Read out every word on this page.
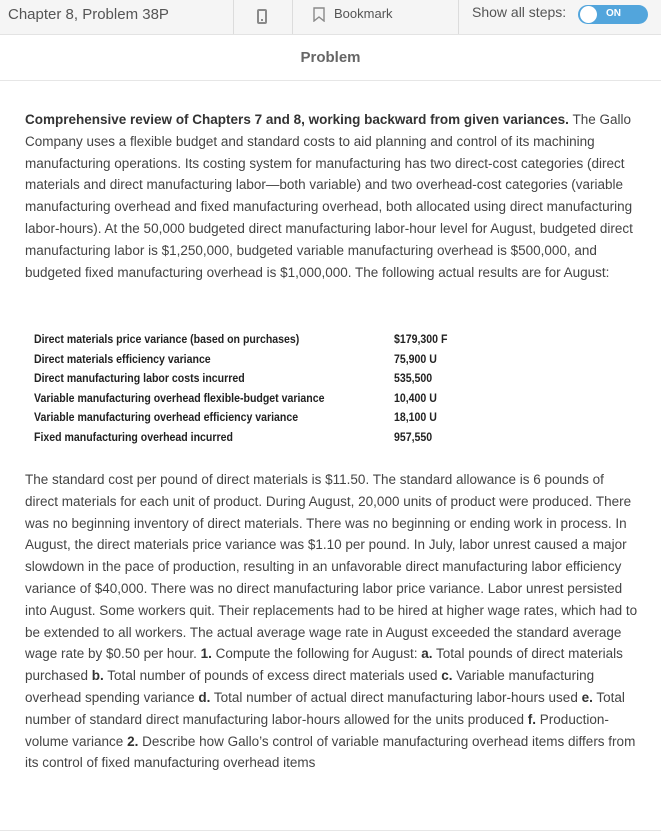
Chapter 8, Problem 38P	Bookmark	Show all steps:	ON
Problem
Comprehensive review of Chapters 7 and 8, working backward from given variances. The Gallo Company uses a flexible budget and standard costs to aid planning and control of its machining manufacturing operations. Its costing system for manufacturing has two direct-cost categories (direct materials and direct manufacturing labor—both variable) and two overhead-cost categories (variable manufacturing overhead and fixed manufacturing overhead, both allocated using direct manufacturing labor-hours). At the 50,000 budgeted direct manufacturing labor-hour level for August, budgeted direct manufacturing labor is $1,250,000, budgeted variable manufacturing overhead is $500,000, and budgeted fixed manufacturing overhead is $1,000,000. The following actual results are for August:
Direct materials price variance (based on purchases)	$179,300 F
Direct materials efficiency variance	75,900 U
Direct manufacturing labor costs incurred	535,500
Variable manufacturing overhead flexible-budget variance	10,400 U
Variable manufacturing overhead efficiency variance	18,100 U
Fixed manufacturing overhead incurred	957,550
The standard cost per pound of direct materials is $11.50. The standard allowance is 6 pounds of direct materials for each unit of product. During August, 20,000 units of product were produced. There was no beginning inventory of direct materials. There was no beginning or ending work in process. In August, the direct materials price variance was $1.10 per pound. In July, labor unrest caused a major slowdown in the pace of production, resulting in an unfavorable direct manufacturing labor efficiency variance of $40,000. There was no direct manufacturing labor price variance. Labor unrest persisted into August. Some workers quit. Their replacements had to be hired at higher wage rates, which had to be extended to all workers. The actual average wage rate in August exceeded the standard average wage rate by $0.50 per hour. 1. Compute the following for August: a. Total pounds of direct materials purchased b. Total number of pounds of excess direct materials used c. Variable manufacturing overhead spending variance d. Total number of actual direct manufacturing labor-hours used e. Total number of standard direct manufacturing labor-hours allowed for the units produced f. Production-volume variance 2. Describe how Gallo’s control of variable manufacturing overhead items differs from its control of fixed manufacturing overhead items
